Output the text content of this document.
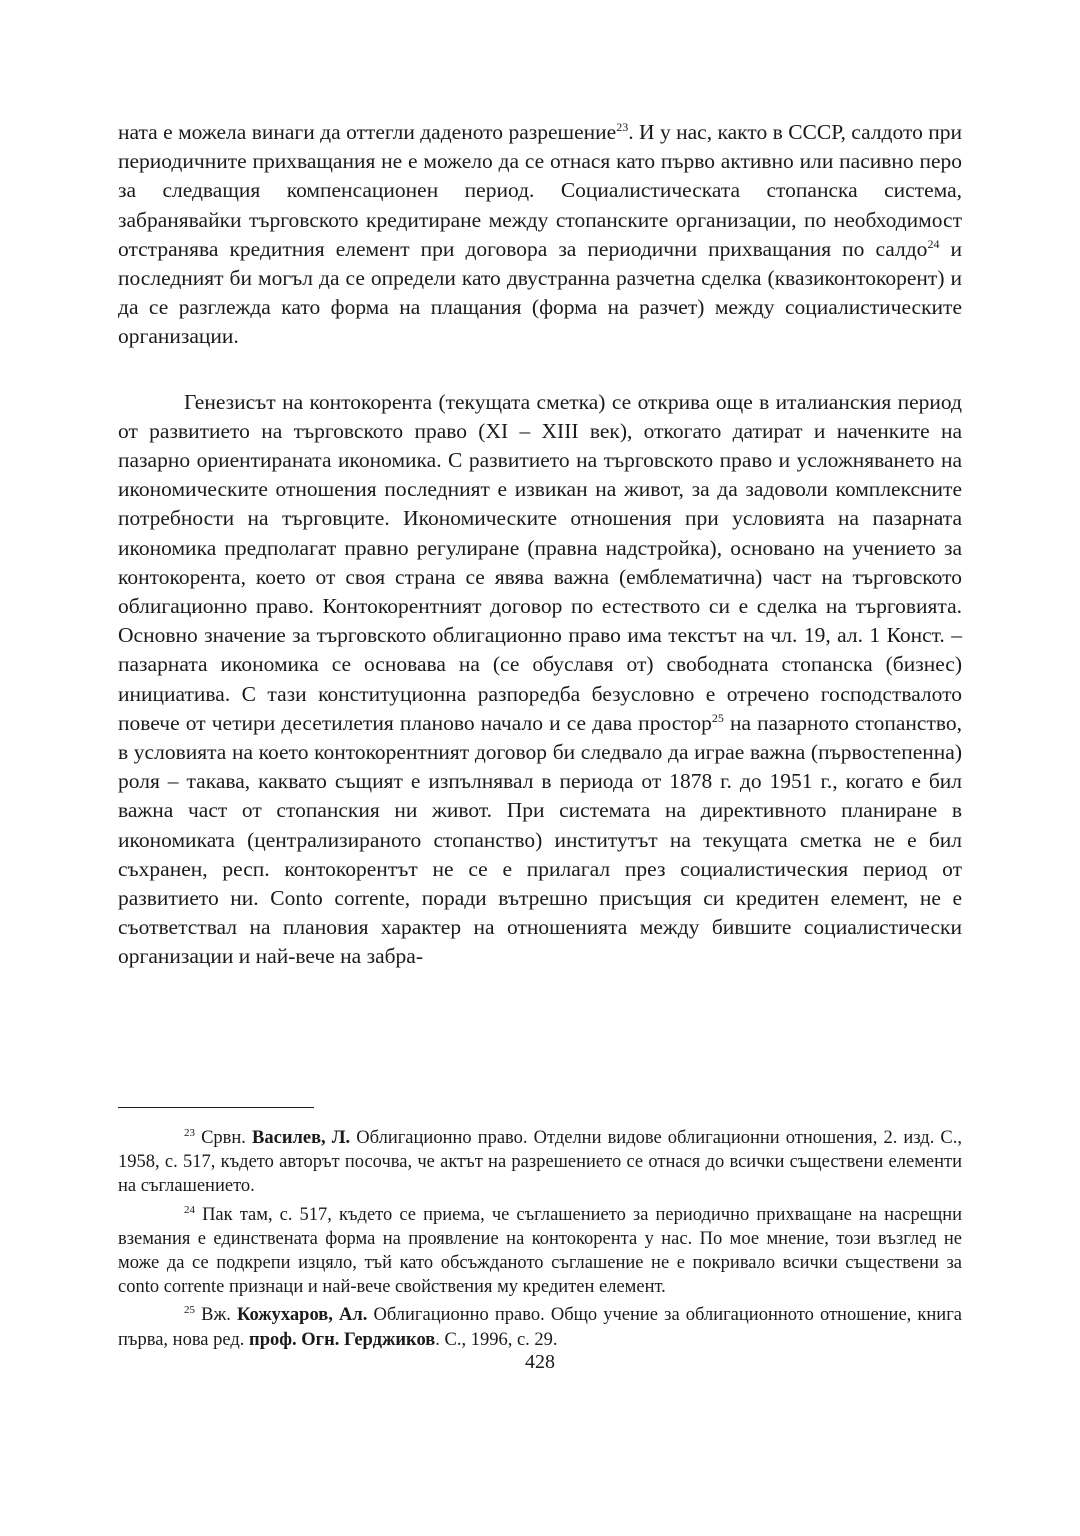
ната е можела винаги да оттегли даденото разрешение$^{23}$. И у нас, както в СССР, салдото при периодичните прихващания не е можело да се отнася като първо активно или пасивно перо за следващия компенсационен период. Социалистическата стопанска система, забранявайки търговското кредитиране между стопанските организации, по необходимост отстранява кредитния елемент при договора за периодични прихващания по салдо$^{24}$ и последният би могъл да се определи като двустранна разчетна сделка (квазиконтокорент) и да се разглежда като форма на плащания (форма на разчет) между социалистическите организации.

Генезисът на контокорента (текущата сметка) се открива още в италианския период от развитието на търговското право (XI – XIII век), откогато датират и наченките на пазарно ориентираната икономика. С развитието на търговското право и усложняването на икономическите отношения последният е извикан на живот, за да задоволи комплексните потребности на търговците. Икономическите отношения при условията на пазарната икономика предполагат правно регулиране (правна надстройка), основано на учението за контокорента, което от своя страна се явява важна (емблематична) част на търговското облигационно право. Контокорентният договор по естеството си е сделка на търговията. Основно значение за търговското облигационно право има текстът на чл. 19, ал. 1 Конст. – пазарната икономика се основава на (се обуславя от) свободната стопанска (бизнес) инициатива. С тази конституционна разпоредба безусловно е отречено господствалото повече от четири десетилетия планово начало и се дава простор$^{25}$ на пазарното стопанство, в условията на което контокорентният договор би следвало да играе важна (първостепенна) роля – такава, каквато същият е изпълнявал в периода от 1878 г. до 1951 г., когато е бил важна част от стопанския ни живот. При системата на директивното планиране в икономиката (централизираното стопанство) институтът на текущата сметка не е бил съхранен, респ. контокорентът не се е прилагал през социалистическия период от развитието ни. Conto corrente, поради вътрешно присъщия си кредитен елемент, не е съответствал на плановия характер на отношенията между бившите социалистически организации и най-вече на забра-

$^{23}$ Срвн. Василев, Л. Облигационно право. Отделни видове облигационни отношения, 2. изд. С., 1958, с. 517, където авторът посочва, че актът на разрешението се отнася до всички съществени елементи на съглашението.

$^{24}$ Пак там, с. 517, където се приема, че съглашението за периодично прихващане на насрещни вземания е единствената форма на проявление на контокорента у нас. По мое мнение, този възглед не може да се подкрепи изцяло, тъй като обсъжданото съглашение не е покривало всички съществени за conto corrente признаци и най-вече свойствения му кредитен елемент.

$^{25}$ Вж. Кожухаров, Ал. Облигационно право. Общо учение за облигационното отношение, книга първа, нова ред. проф. Огн. Герджиков. С., 1996, с. 29.

428
